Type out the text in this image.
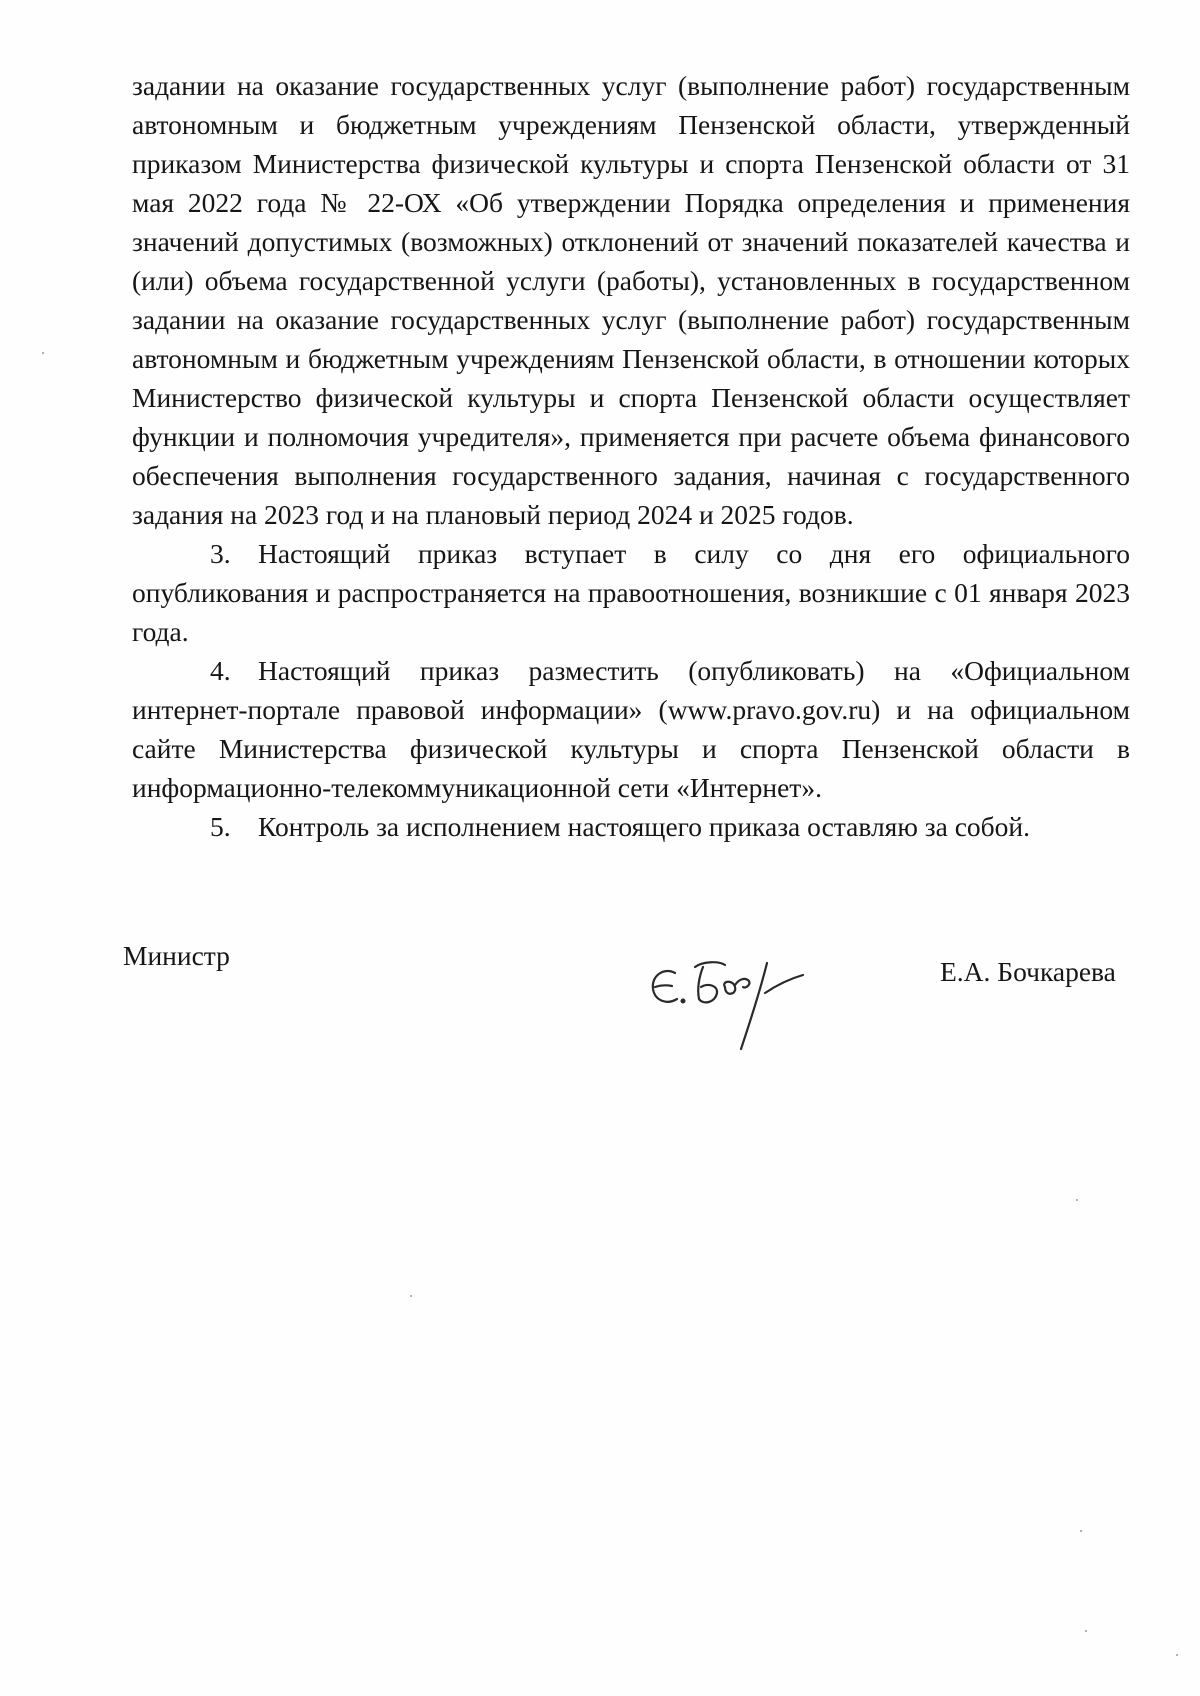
задании на оказание государственных услуг (выполнение работ) государственным автономным и бюджетным учреждениям Пензенской области, утвержденный приказом Министерства физической культуры и спорта Пензенской области от 31 мая 2022 года № 22-ОХ «Об утверждении Порядка определения и применения значений допустимых (возможных) отклонений от значений показателей качества и (или) объема государственной услуги (работы), установленных в государственном задании на оказание государственных услуг (выполнение работ) государственным автономным и бюджетным учреждениям Пензенской области, в отношении которых Министерство физической культуры и спорта Пензенской области осуществляет функции и полномочия учредителя», применяется при расчете объема финансового обеспечения выполнения государственного задания, начиная с государственного задания на 2023 год и на плановый период 2024 и 2025 годов.

3. Настоящий приказ вступает в силу со дня его официального опубликования и распространяется на правоотношения, возникшие с 01 января 2023 года.

4. Настоящий приказ разместить (опубликовать) на «Официальном интернет-портале правовой информации» (www.pravo.gov.ru) и на официальном сайте Министерства физической культуры и спорта Пензенской области в информационно-телекоммуникационной сети «Интернет».

5. Контроль за исполнением настоящего приказа оставляю за собой.

Министр
Е.А. Бочкарева
